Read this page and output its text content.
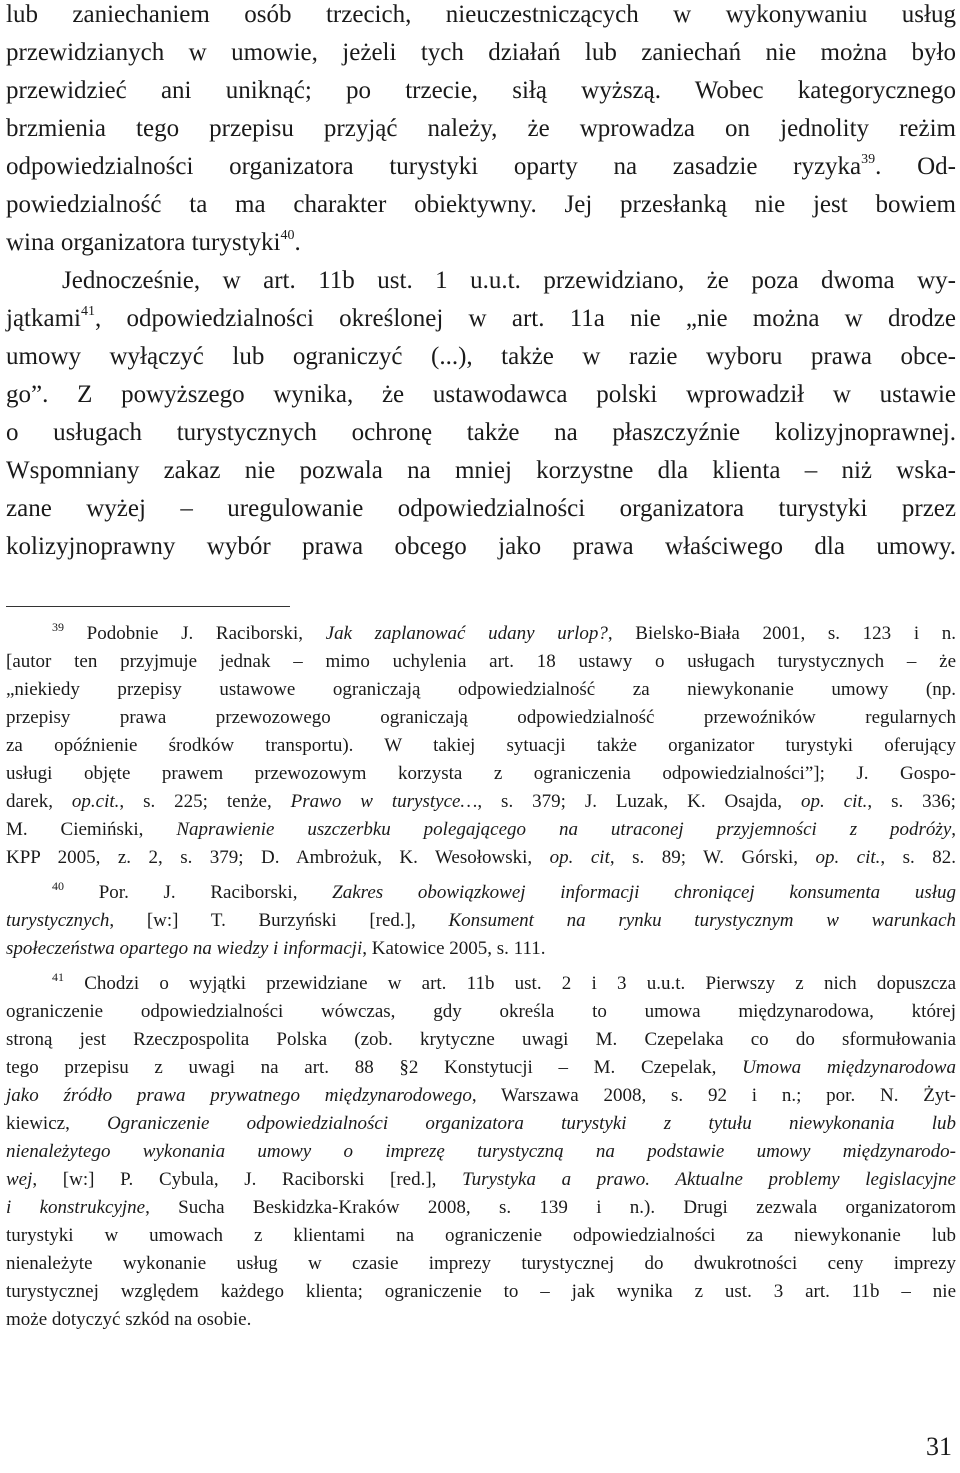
lub zaniechaniem osób trzecich, nieuczestniczących w wykonywaniu usług
przewidzianych w umowie, jeżeli tych działań lub zaniechań nie można było
przewidzieć ani uniknąć; po trzecie, siłą wyższą. Wobec kategorycznego
brzmienia tego przepisu przyjąć należy, że wprowadza on jednolity reżim
odpowiedzialności organizatora turystyki oparty na zasadzie ryzyka$^{39}$. Od-
powiedzialność ta ma charakter obiektywny. Jej przesłanką nie jest bowiem
wina organizatora turystyki$^{40}$.
Jednocześnie, w art. 11b ust. 1 u.u.t. przewidziano, że poza dwoma wy-
jątkami$^{41}$, odpowiedzialności określonej w art. 11a nie „nie można w drodze
umowy wyłączyć lub ograniczyć (...), także w razie wyboru prawa obce-
go”. Z powyższego wynika, że ustawodawca polski wprowadził w ustawie
o usługach turystycznych ochronę także na płaszczyźnie kolizyjnoprawnej.
Wspomniany zakaz nie pozwala na mniej korzystne dla klienta – niż wska-
zane wyżej – uregulowanie odpowiedzialności organizatora turystyki przez
kolizyjnoprawny wybór prawa obcego jako prawa właściwego dla umowy.
$^{39}$ Podobnie J. Raciborski, Jak zaplanować udany urlop?, Bielsko-Biała 2001, s. 123 i n.
[autor ten przyjmuje jednak – mimo uchylenia art. 18 ustawy o usługach turystycznych – że
„niekiedy przepisy ustawowe ograniczają odpowiedzialność za niewykonanie umowy (np.
przepisy prawa przewozowego ograniczają odpowiedzialność przewoźników regularnych
za opóźnienie środków transportu). W takiej sytuacji także organizator turystyki oferujący
usługi objęte prawem przewozowym korzysta z ograniczenia odpowiedzialności”]; J. Gospo-
darek, op.cit., s. 225; tenże, Prawo w turystyce…, s. 379; J. Luzak, K. Osajda, op. cit., s. 336;
M. Ciemiński, Naprawienie uszczerbku polegającego na utraconej przyjemności z podróży,
KPP 2005, z. 2, s. 379; D. Ambrożuk, K. Wesołowski, op. cit, s. 89; W. Górski, op. cit., s. 82.
$^{40}$ Por. J. Raciborski, Zakres obowiązkowej informacji chroniącej konsumenta usług
turystycznych, [w:] T. Burzyński [red.], Konsument na rynku turystycznym w warunkach
społeczeństwa opartego na wiedzy i informacji, Katowice 2005, s. 111.
$^{41}$ Chodzi o wyjątki przewidziane w art. 11b ust. 2 i 3 u.u.t. Pierwszy z nich dopuszcza
ograniczenie odpowiedzialności wówczas, gdy określa to umowa międzynarodowa, której
stroną jest Rzeczpospolita Polska (zob. krytyczne uwagi M. Czepelaka co do sformułowania
tego przepisu z uwagi na art. 88 §2 Konstytucji – M. Czepelak, Umowa międzynarodowa
jako źródło prawa prywatnego międzynarodowego, Warszawa 2008, s. 92 i n.; por. N. Żyt-
kiewicz, Ograniczenie odpowiedzialności organizatora turystyki z tytułu niewykonania lub
nienależytego wykonania umowy o imprezę turystyczną na podstawie umowy międzynarodo-
wej, [w:] P. Cybula, J. Raciborski [red.], Turystyka a prawo. Aktualne problemy legislacyjne
i konstrukcyjne, Sucha Beskidzka-Kraków 2008, s. 139 i n.). Drugi zezwala organizatorom
turystyki w umowach z klientami na ograniczenie odpowiedzialności za niewykonanie lub
nienależyte wykonanie usług w czasie imprezy turystycznej do dwukrotności ceny imprezy
turystycznej względem każdego klienta; ograniczenie to – jak wynika z ust. 3 art. 11b – nie
może dotyczyć szkód na osobie.
31
